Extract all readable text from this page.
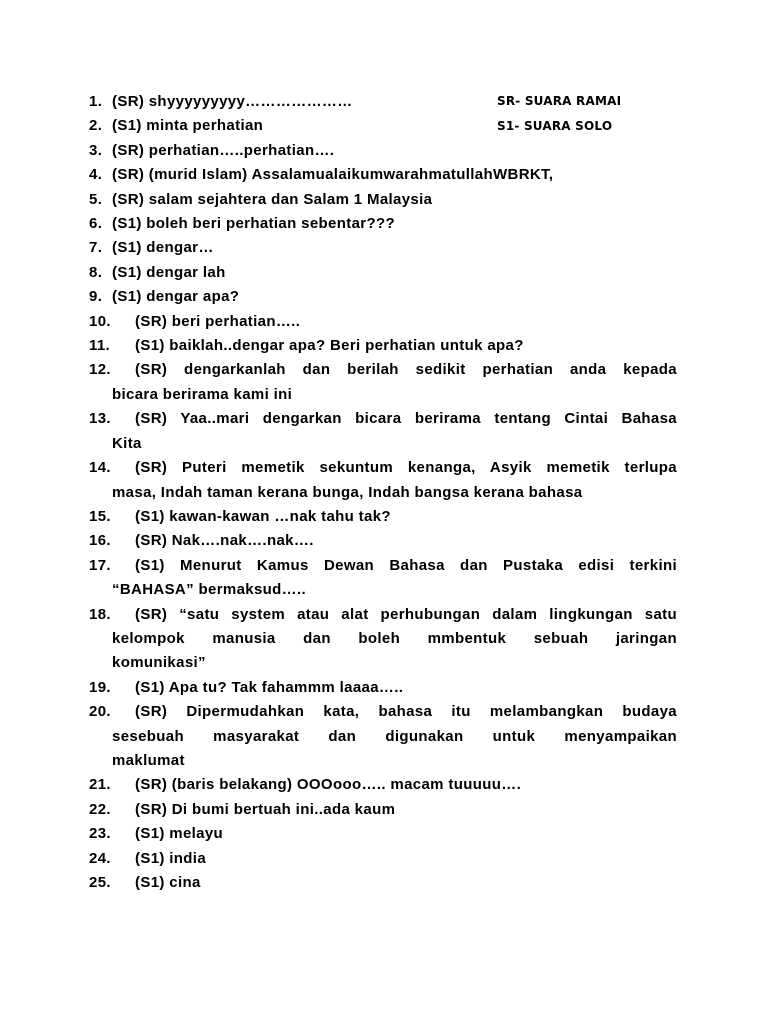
SR- SUARA RAMAI
S1- SUARA SOLO
1. (SR) shyyyyyyyyy…………………
2. (S1) minta perhatian
3. (SR) perhatian…..perhatian….
4. (SR) (murid Islam) AssalamualaikumwarahmatullahWBRKT,
5. (SR) salam sejahtera dan Salam 1 Malaysia
6. (S1) boleh beri perhatian sebentar???
7. (S1) dengar…
8. (S1) dengar lah
9. (S1) dengar apa?
10. (SR) beri perhatian…..
11. (S1) baiklah..dengar apa? Beri perhatian untuk apa?
12. (SR) dengarkanlah dan berilah sedikit perhatian anda kepada
bicara berirama kami ini
13. (SR) Yaa..mari dengarkan bicara berirama tentang Cintai Bahasa
Kita
14. (SR) Puteri memetik sekuntum kenanga, Asyik memetik terlupa
masa, Indah taman kerana bunga, Indah bangsa kerana bahasa
15. (S1) kawan-kawan …nak tahu tak?
16. (SR) Nak….nak….nak….
17. (S1) Menurut Kamus Dewan Bahasa dan Pustaka edisi terkini
“BAHASA” bermaksud…..
18. (SR) “satu system atau alat perhubungan dalam lingkungan satu
kelompok manusia dan boleh mmbentuk sebuah jaringan
komunikasi”
19. (S1) Apa tu? Tak fahammm laaaa…..
20. (SR) Dipermudahkan kata, bahasa itu melambangkan budaya
sesebuah masyarakat dan digunakan untuk menyampaikan
maklumat
21. (SR) (baris belakang) OOOooo….. macam tuuuuu….
22. (SR) Di bumi bertuah ini..ada kaum
23. (S1) melayu
24. (S1) india
25. (S1) cina
